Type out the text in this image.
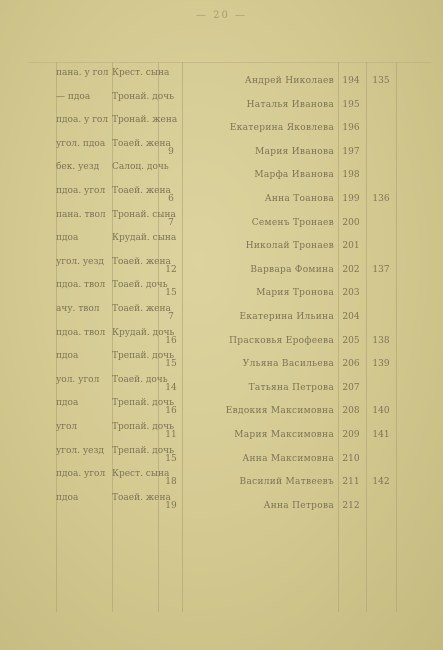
— 20 —
135
194
Андрей Николаев
Крест. сына
пана. у гол
195
Наталья Иванова
Тронай. дочь
— пдоа
196
Екатерина Яковлева
Тронай. жена
пдоа. у гол
197
Мария Иванова
9
Тоаей. жена
угол. пдоа
198
Марфа Иванова
Салоц. дочь
бек. уезд
136
199
Анна Тоанова
6
Тоаей. жена
пдоа. угол
200
Семенъ Тронаев
7
Тронай. сына
пана. твол
201
Николай Тронаев
Крудай. сына
пдоа
137
202
Варвара Фомина
12
Тоаей. жена
угол. уезд
203
Мария Тронова
15
Тоаей. дочь
пдоа. твол
204
Екатерина Ильина
7
Тоаей. жена
ачу. твол
138
205
Прасковья Ерофеева
16
Крудай. дочь
пдоа. твол
139
206
Ульяна Васильева
15
Трепай. дочь
пдоа
207
Татьяна Петрова
14
Тоаей. дочь
уол. угол
140
208
Евдокия Максимовна
16
Трепай. дочь
пдоа
141
209
Мария Максимовна
11
Тропай. дочь
угол
210
Анна Максимовна
15
Трепай. дочь
угол. уезд
142
211
Василий Матвеевъ
18
Крест. сына
пдоа. угол
212
Анна Петрова
19
Тоаей. жена
пдоа
